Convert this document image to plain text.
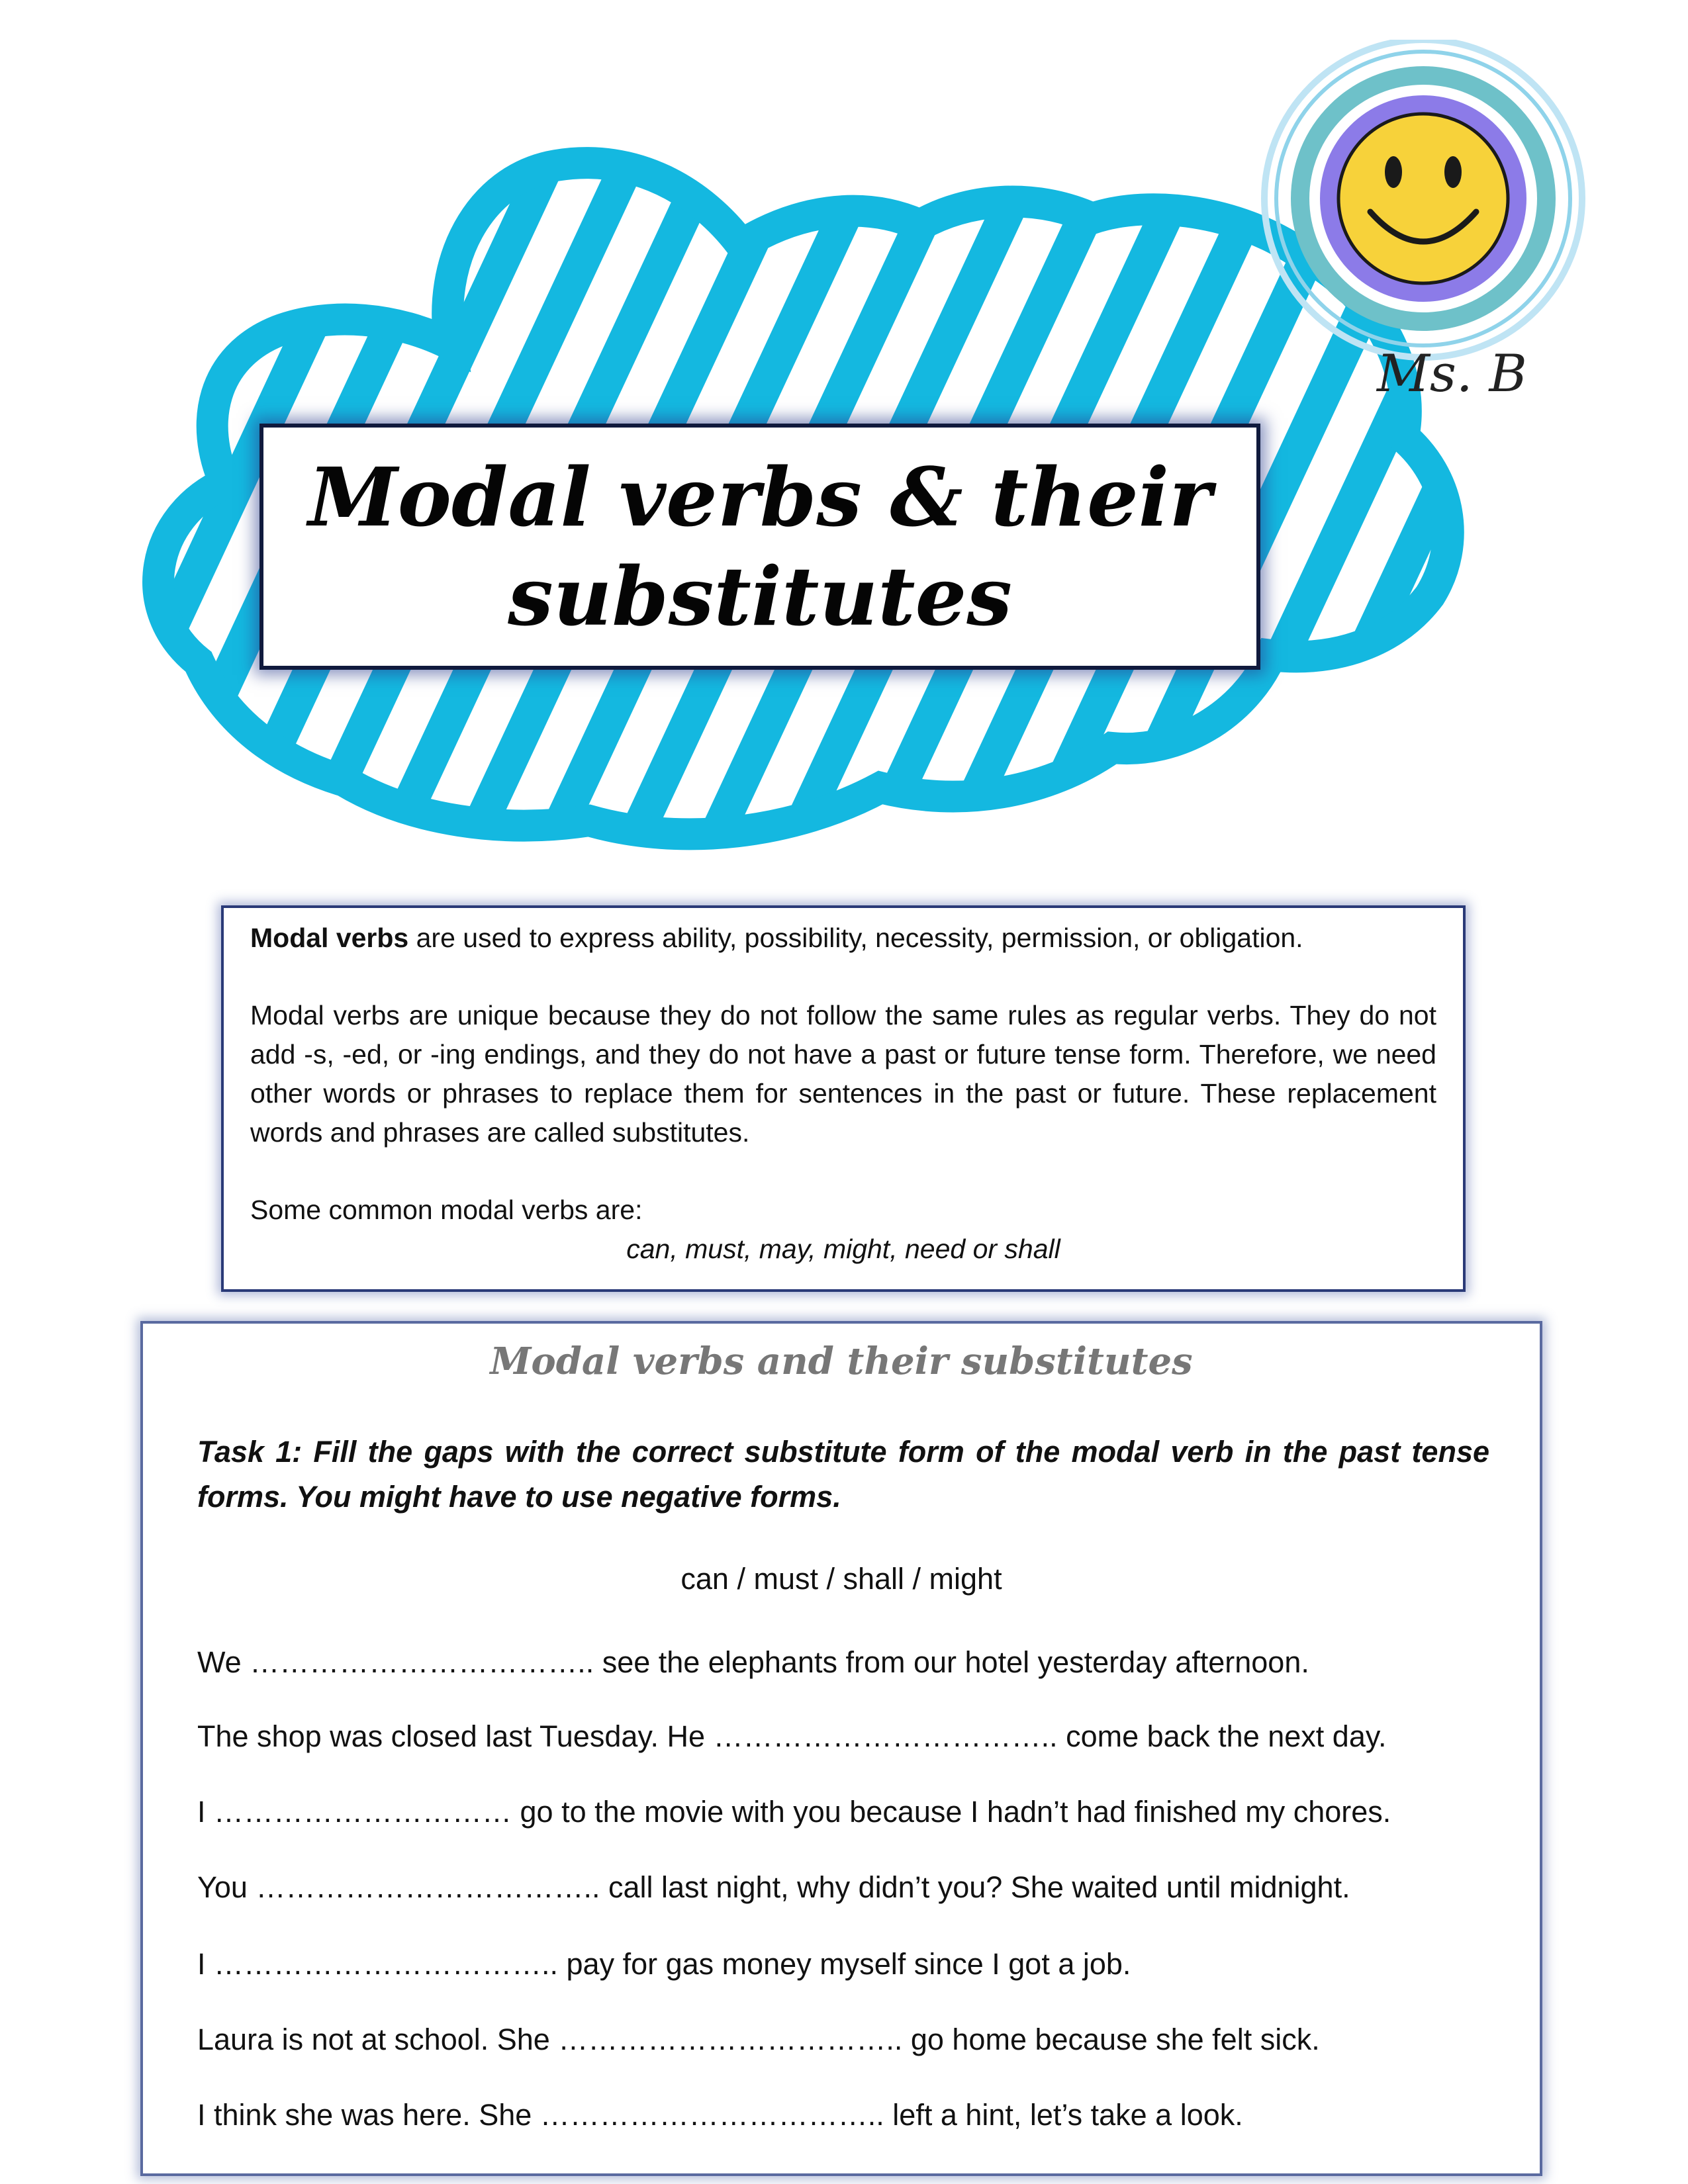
Ms. B
Modal verbs & their
substitutes

Modal verbs are used to express ability, possibility, necessity, permission, or obligation.

Modal verbs are unique because they do not follow the same rules as regular verbs. They do not add -s, -ed, or -ing endings, and they do not have a past or future tense form. Therefore, we need other words or phrases to replace them for sentences in the past or future. These replacement words and phrases are called substitutes.

Some common modal verbs are:

can, must, may, might, need or shall

Modal verbs and their substitutes

Task 1: Fill the gaps with the correct substitute form of the modal verb in the past tense forms. You might have to use negative forms.

can / must / shall / might
We …………………………….. see the elephants from our hotel yesterday afternoon.
The shop was closed last Tuesday. He …………………………….. come back the next day.
I ………………………… go to the movie with you because I hadn’t had finished my chores.
You …………………………….. call last night, why didn’t you? She waited until midnight.
I …………………………….. pay for gas money myself since I got a job.
Laura is not at school. She …………………………….. go home because she felt sick.
I think she was here. She …………………………….. left a hint, let’s take a look.
